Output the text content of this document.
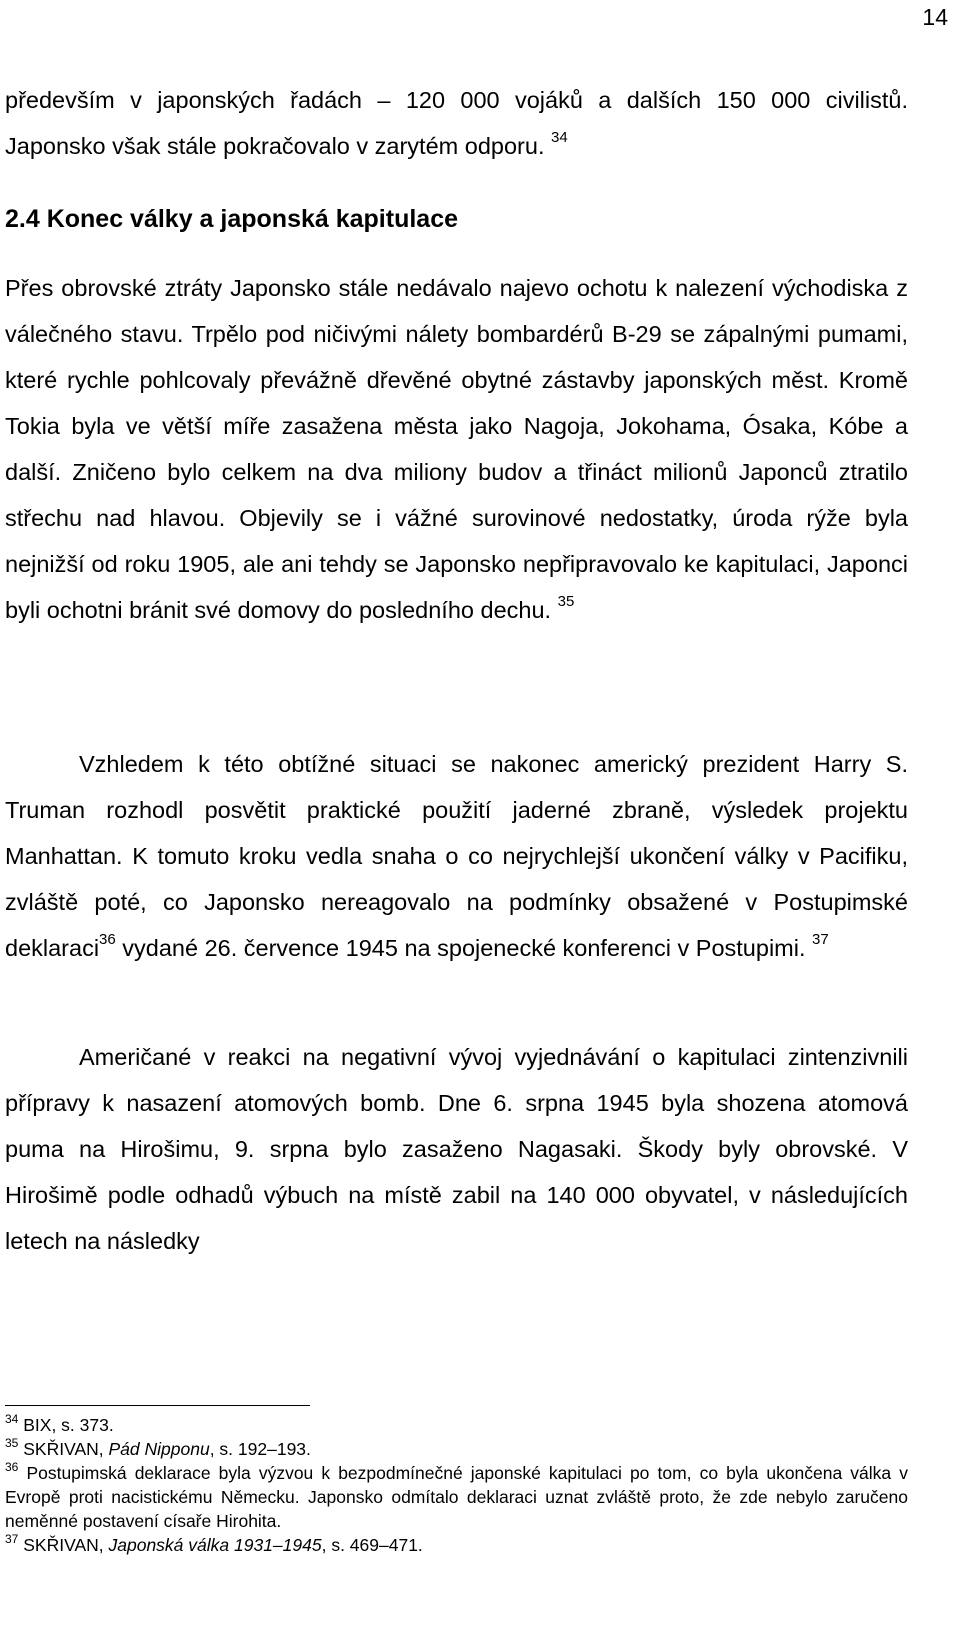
14

především v japonských řadách – 120 000 vojáků a dalších 150 000 civilistů. Japonsko však stále pokračovalo v zarytém odporu. $^{34}$

2.4 Konec války a japonská kapitulace

Přes obrovské ztráty Japonsko stále nedávalo najevo ochotu k nalezení východiska z válečného stavu. Trpělo pod ničivými nálety bombardérů B-29 se zápalnými pumami, které rychle pohlcovaly převážně dřevěné obytné zástavby japonských měst. Kromě Tokia byla ve větší míře zasažena města jako Nagoja, Jokohama, Ósaka, Kóbe a další. Zničeno bylo celkem na dva miliony budov a třináct milionů Japonců ztratilo střechu nad hlavou. Objevily se i vážné surovinové nedostatky, úroda rýže byla nejnižší od roku 1905, ale ani tehdy se Japonsko nepřipravovalo ke kapitulaci, Japonci byli ochotni bránit své domovy do posledního dechu. $^{35}$

Vzhledem k této obtížné situaci se nakonec americký prezident Harry S. Truman rozhodl posvětit praktické použití jaderné zbraně, výsledek projektu Manhattan. K tomuto kroku vedla snaha o co nejrychlejší ukončení války v Pacifiku, zvláště poté, co Japonsko nereagovalo na podmínky obsažené v Postupimské deklaraci$^{36}$ vydané 26. července 1945 na spojenecké konferenci v Postupimi. $^{37}$

Američané v reakci na negativní vývoj vyjednávání o kapitulaci zintenzivnili přípravy k nasazení atomových bomb. Dne 6. srpna 1945 byla shozena atomová puma na Hirošimu, 9. srpna bylo zasaženo Nagasaki. Škody byly obrovské. V Hirošimě podle odhadů výbuch na místě zabil na 140 000 obyvatel, v následujících letech na následky

$^{34}$ BIX, s. 373.

$^{35}$ SKŘIVAN, Pád Nipponu, s. 192–193.

$^{36}$ Postupimská deklarace byla výzvou k bezpodmínečné japonské kapitulaci po tom, co byla ukončena válka v Evropě proti nacistickému Německu. Japonsko odmítalo deklaraci uznat zvláště proto, že zde nebylo zaručeno neměnné postavení císaře Hirohita.

$^{37}$ SKŘIVAN, Japonská válka 1931–1945, s. 469–471.
